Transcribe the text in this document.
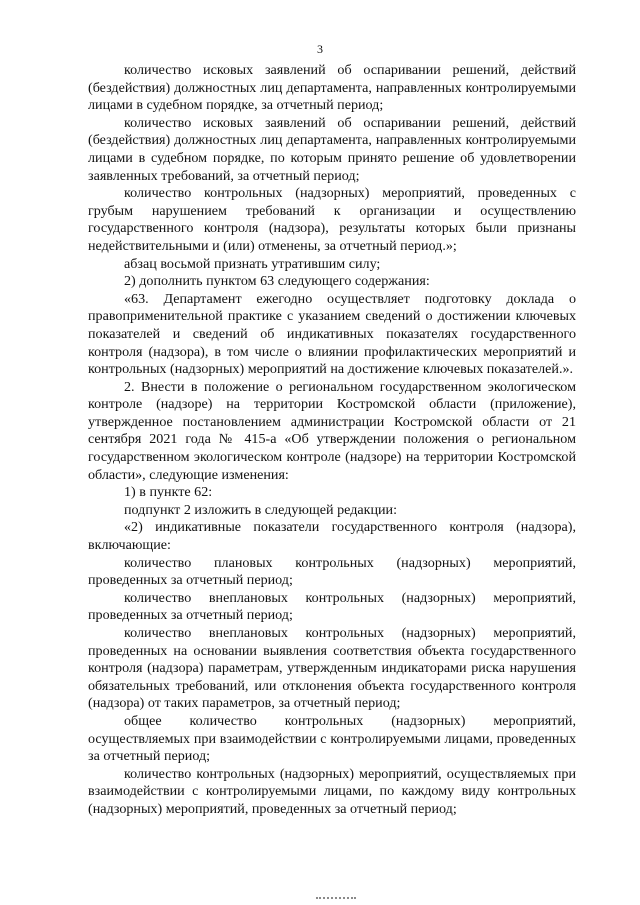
3

количество исковых заявлений об оспаривании решений, действий (бездействия) должностных лиц департамента, направленных контролируемыми лицами в судебном порядке, за отчетный период;

количество исковых заявлений об оспаривании решений, действий (бездействия) должностных лиц департамента, направленных контролируемыми лицами в судебном порядке, по которым принято решение об удовлетворении заявленных требований, за отчетный период;

количество контрольных (надзорных) мероприятий, проведенных с грубым нарушением требований к организации и осуществлению государственного контроля (надзора), результаты которых были признаны недействительными и (или) отменены, за отчетный период.»;

абзац восьмой признать утратившим силу;

2) дополнить пунктом 63 следующего содержания:

«63. Департамент ежегодно осуществляет подготовку доклада о правоприменительной практике с указанием сведений о достижении ключевых показателей и сведений об индикативных показателях государственного контроля (надзора), в том числе о влиянии профилактических мероприятий и контрольных (надзорных) мероприятий на достижение ключевых показателей.».

2. Внести в положение о региональном государственном экологическом контроле (надзоре) на территории Костромской области (приложение), утвержденное постановлением администрации Костромской области от 21 сентября 2021 года № 415-а «Об утверждении положения о региональном государственном экологическом контроле (надзоре) на территории Костромской области», следующие изменения:

1) в пункте 62:

подпункт 2 изложить в следующей редакции:

«2) индикативные показатели государственного контроля (надзора), включающие:

количество плановых контрольных (надзорных) мероприятий, проведенных за отчетный период;

количество внеплановых контрольных (надзорных) мероприятий, проведенных за отчетный период;

количество внеплановых контрольных (надзорных) мероприятий, проведенных на основании выявления соответствия объекта государственного контроля (надзора) параметрам, утвержденным индикаторами риска нарушения обязательных требований, или отклонения объекта государственного контроля (надзора) от таких параметров, за отчетный период;

общее количество контрольных (надзорных) мероприятий, осуществляемых при взаимодействии с контролируемыми лицами, проведенных за отчетный период;

количество контрольных (надзорных) мероприятий, осуществляемых при взаимодействии с контролируемыми лицами, по каждому виду контрольных (надзорных) мероприятий, проведенных за отчетный период;
